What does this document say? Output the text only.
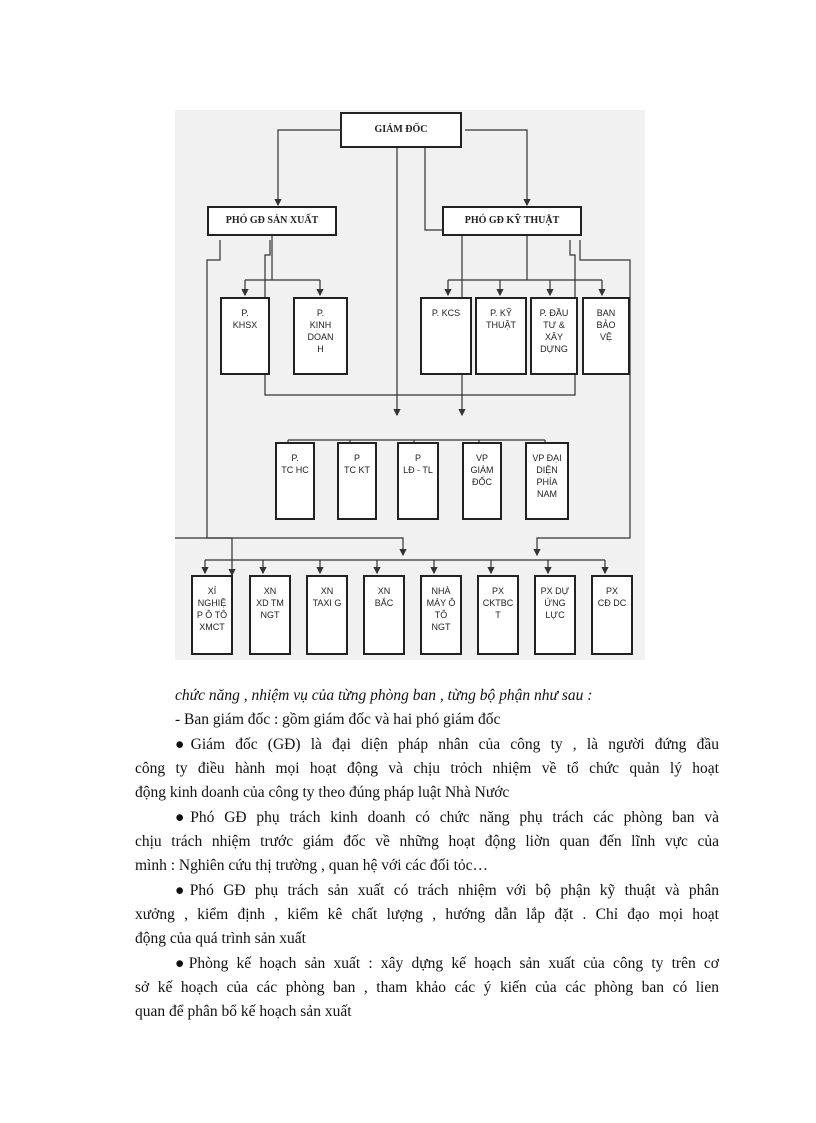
GIÁM ĐỐC
PHÓ GĐ SẢN XUẤT	PHÓ GĐ KỸ THUẬT
P.
KHSX
P.
KINH
DOAN
H
P. KCS	P. KỸ
THUẬT
P. ĐẦU
TƯ &
XÂY
DỰNG
BAN
BẢO
VỆ
P.
TC HC
P
TC KT
P
LĐ - TL
VP
GIÁM
ĐỐC
VP ĐẠI
DIỆN
PHÍA
NAM
XÍ
NGHIỆ
P Ô TÔ
XMCT
XN
XD TM
NGT
XN
TAXI G
XN
BẮC
NHÀ
MÁY Ô
TÔ
NGT
PX
CKTBC
T
PX DỰ
ỨNG
LỰC
PX
CĐ DC

chức năng , nhiệm vụ của từng phòng ban , từng bộ phận như sau :

- Ban giám đốc : gồm giám đốc và hai phó giám đốc

●Giám đốc (GĐ) là đại diện pháp nhân của công ty , là người đứng đầu
công ty điều hành mọi hoạt động và chịu trỏch nhiệm về tổ chức quản lý hoạt
động kinh doanh của công ty theo đúng pháp luật Nhà Nước
●Phó GĐ phụ trách kinh doanh có chức năng phụ trách các phòng ban và
chịu trách nhiệm trước giám đốc về những hoạt động liờn quan đến lĩnh vực của
mình : Nghiên cứu thị trường , quan hệ với các đối tỏc…
●Phó GĐ phụ trách sản xuất có trách nhiệm với bộ phận kỹ thuật và phân
xưởng , kiểm định , kiểm kê chất lượng , hướng dẫn lắp đặt . Chỉ đạo mọi hoạt
động của quá trình sản xuất
●Phòng kế hoạch sản xuất : xây dựng kế hoạch sản xuất của công ty trên cơ
sở kế hoạch của các phòng ban , tham khảo các ý kiến của các phòng ban có lien
quan để phân bổ kế hoạch sản xuất
